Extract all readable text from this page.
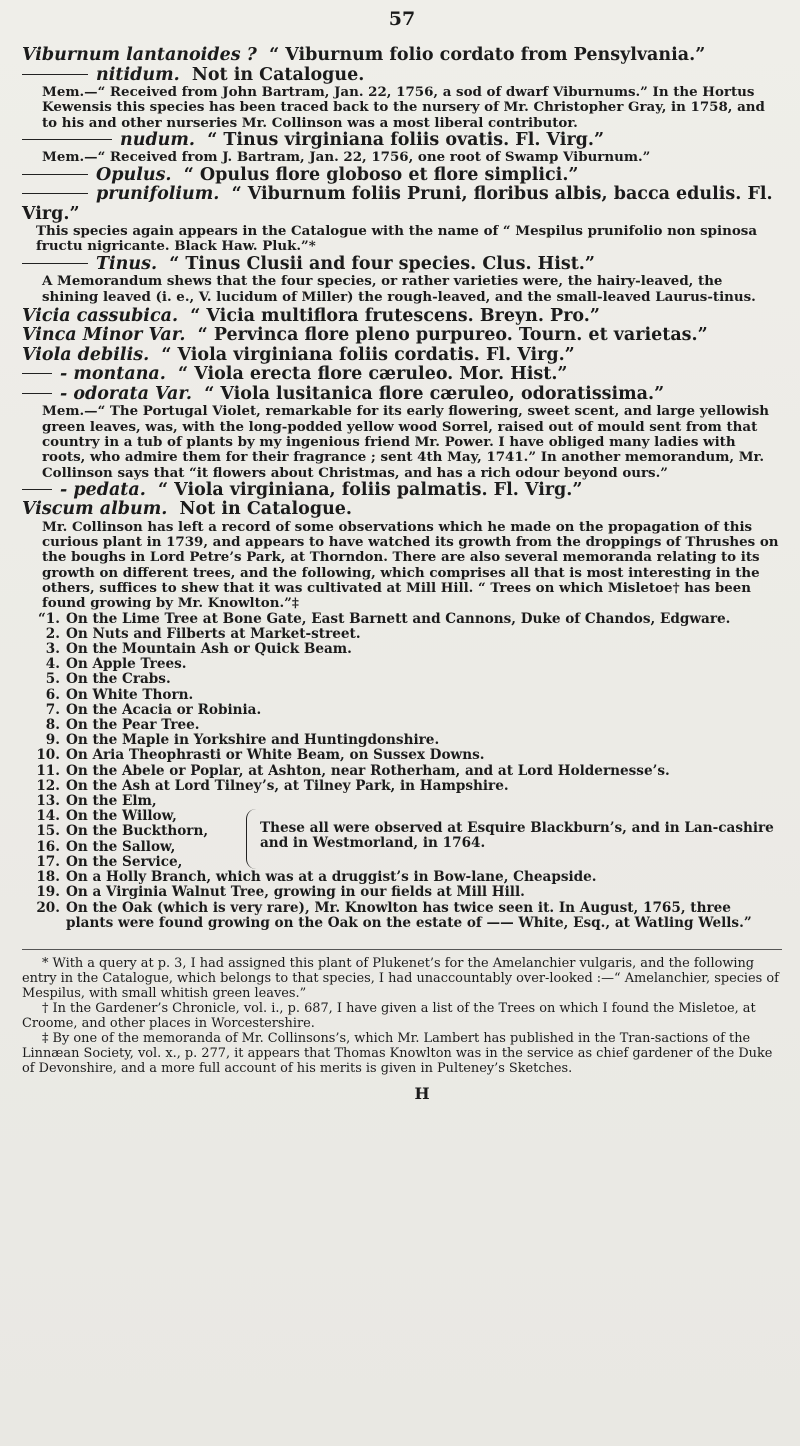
57
Viburnum lantanoides ? “ Viburnum folio cordato from Pensylvania.”
nitidum. Not in Catalogue.

Mem.—“ Received from John Bartram, Jan. 22, 1756, a sod of dwarf Viburnums.” In the Hortus Kewensis this species has been traced back to the nursery of Mr. Christopher Gray, in 1758, and to his and other nurseries Mr. Collinson was a most liberal contributor.

nudum. “ Tinus virginiana foliis ovatis. Fl. Virg.”

Mem.—“ Received from J. Bartram, Jan. 22, 1756, one root of Swamp Viburnum.”

Opulus. “ Opulus flore globoso et flore simplici.”
prunifolium. “ Viburnum foliis Pruni, floribus albis, bacca edulis. Fl. Virg.”

This species again appears in the Catalogue with the name of “ Mespilus prunifolio non spinosa fructu nigricante. Black Haw. Pluk.”*

Tinus. “ Tinus Clusii and four species. Clus. Hist.”

A Memorandum shews that the four species, or rather varieties were, the hairy-leaved, the shining leaved (i. e., V. lucidum of Miller) the rough-leaved, and the small-leaved Laurus-tinus.

Vicia cassubica. “ Vicia multiflora frutescens. Breyn. Pro.”
Vinca Minor Var. “ Pervinca flore pleno purpureo. Tourn. et varietas.”
Viola debilis. “ Viola virginiana foliis cordatis. Fl. Virg.”
- montana. “ Viola erecta flore cæruleo. Mor. Hist.”
- odorata Var. “ Viola lusitanica flore cæruleo, odoratissima.”

Mem.—“ The Portugal Violet, remarkable for its early flowering, sweet scent, and large yellowish green leaves, was, with the long-podded yellow wood Sorrel, raised out of mould sent from that country in a tub of plants by my ingenious friend Mr. Power. I have obliged many ladies with roots, who admire them for their fragrance ; sent 4th May, 1741.” In another memorandum, Mr. Collinson says that “it flowers about Christmas, and has a rich odour beyond ours.”

- pedata. “ Viola virginiana, foliis palmatis. Fl. Virg.”
Viscum album. Not in Catalogue.

Mr. Collinson has left a record of some observations which he made on the propagation of this curious plant in 1739, and appears to have watched its growth from the droppings of Thrushes on the boughs in Lord Petre’s Park, at Thorndon. There are also several memoranda relating to its growth on different trees, and the following, which comprises all that is most interesting in the others, suffices to shew that it was cultivated at Mill Hill. “ Trees on which Misletoe† has been found growing by Mr. Knowlton.”‡

“1. On the Lime Tree at Bone Gate, East Barnett and Cannons, Duke of Chandos, Edgware.
2. On Nuts and Filberts at Market-street.
3. On the Mountain Ash or Quick Beam.
4. On Apple Trees.
5. On the Crabs.
6. On White Thorn.
7. On the Acacia or Robinia.
8. On the Pear Tree.
9. On the Maple in Yorkshire and Huntingdonshire.
10. On Aria Theophrasti or White Beam, on Sussex Downs.
11. On the Abele or Poplar, at Ashton, near Rotherham, and at Lord Holdernesse’s.
12. On the Ash at Lord Tilney’s, at Tilney Park, in Hampshire.
13. On the Elm,
14. On the Willow,
15. On the Buckthorn,
16. On the Sallow,
17. On the Service,
These all were observed at Esquire Blackburn’s, and in Lan-cashire and in Westmorland, in 1764.
18. On a Holly Branch, which was at a druggist’s in Bow-lane, Cheapside.
19. On a Virginia Walnut Tree, growing in our fields at Mill Hill.
20. On the Oak (which is very rare), Mr. Knowlton has twice seen it. In August, 1765, three plants were found growing on the Oak on the estate of —— White, Esq., at Watling Wells.”

* With a query at p. 3, I had assigned this plant of Plukenet’s for the Amelanchier vulgaris, and the following entry in the Catalogue, which belongs to that species, I had unaccountably over-looked :—“ Amelanchier, species of Mespilus, with small whitish green leaves.”

† In the Gardener’s Chronicle, vol. i., p. 687, I have given a list of the Trees on which I found the Misletoe, at Croome, and other places in Worcestershire.

‡ By one of the memoranda of Mr. Collinsons’s, which Mr. Lambert has published in the Tran-sactions of the Linnæan Society, vol. x., p. 277, it appears that Thomas Knowlton was in the service as chief gardener of the Duke of Devonshire, and a more full account of his merits is given in Pulteney’s Sketches.

H
